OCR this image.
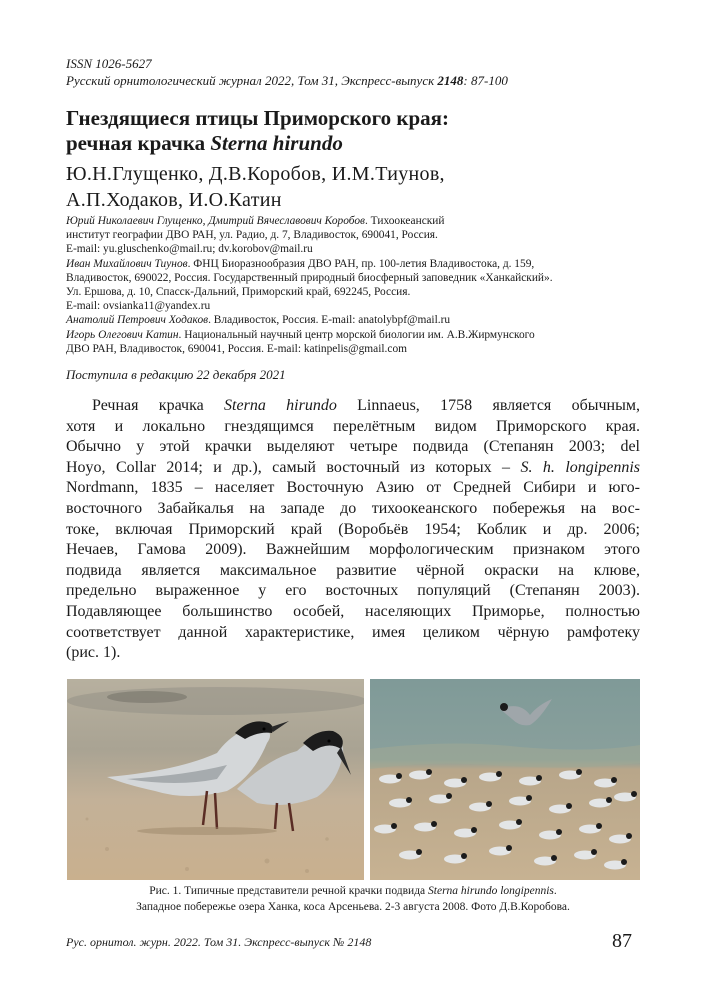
ISSN 1026-5627
Русский орнитологический журнал 2022, Том 31, Экспресс-выпуск 2148: 87-100
Гнездящиеся птицы Приморского края:
речная крачка Sterna hirundo
Ю.Н.Глущенко, Д.В.Коробов, И.М.Тиунов,
А.П.Ходаков, И.О.Катин
Юрий Николаевич Глущенко, Дмитрий Вячеславович Коробов. Тихоокеанский
институт географии ДВО РАН, ул. Радио, д. 7, Владивосток, 690041, Россия.
E-mail: yu.gluschenko@mail.ru; dv.korobov@mail.ru
Иван Михайлович Тиунов. ФНЦ Биоразнообразия ДВО РАН, пр. 100-летия Владивостока, д. 159,
Владивосток, 690022, Россия. Государственный природный биосферный заповедник «Ханкайский».
Ул. Ершова, д. 10, Спасск-Дальний, Приморский край, 692245, Россия.
E-mail: ovsianka11@yandex.ru
Анатолий Петрович Ходаков. Владивосток, Россия. E-mail: anatolybpf@mail.ru
Игорь Олегович Катин. Национальный научный центр морской биологии им. А.В.Жирмунского
ДВО РАН, Владивосток, 690041, Россия. E-mail: katinpelis@gmail.com
Поступила в редакцию 22 декабря 2021
Речная крачка Sterna hirundo Linnaeus, 1758 является обычным,
хотя и локально гнездящимся перелётным видом Приморского края.
Обычно у этой крачки выделяют четыре подвида (Степанян 2003; del
Hoyo, Collar 2014; и др.), самый восточный из которых – S. h. longipennis
Nordmann, 1835 – населяет Восточную Азию от Средней Сибири и юго-
восточного Забайкалья на западе до тихоокеанского побережья на вос-
токе, включая Приморский край (Воробьёв 1954; Коблик и др. 2006;
Нечаев, Гамова 2009). Важнейшим морфологическим признаком этого
подвида является максимальное развитие чёрной окраски на клюве,
предельно выраженное у его восточных популяций (Степанян 2003).
Подавляющее большинство особей, населяющих Приморье, полностью
соответствует данной характеристике, имея целиком чёрную рамфотеку
(рис. 1).
Рис. 1. Типичные представители речной крачки подвида Sterna hirundo longipennis.
Западное побережье озера Ханка, коса Арсеньева. 2-3 августа 2008. Фото Д.В.Коробова.
Рус. орнитол. журн. 2022. Том 31. Экспресс-выпуск № 2148	87
